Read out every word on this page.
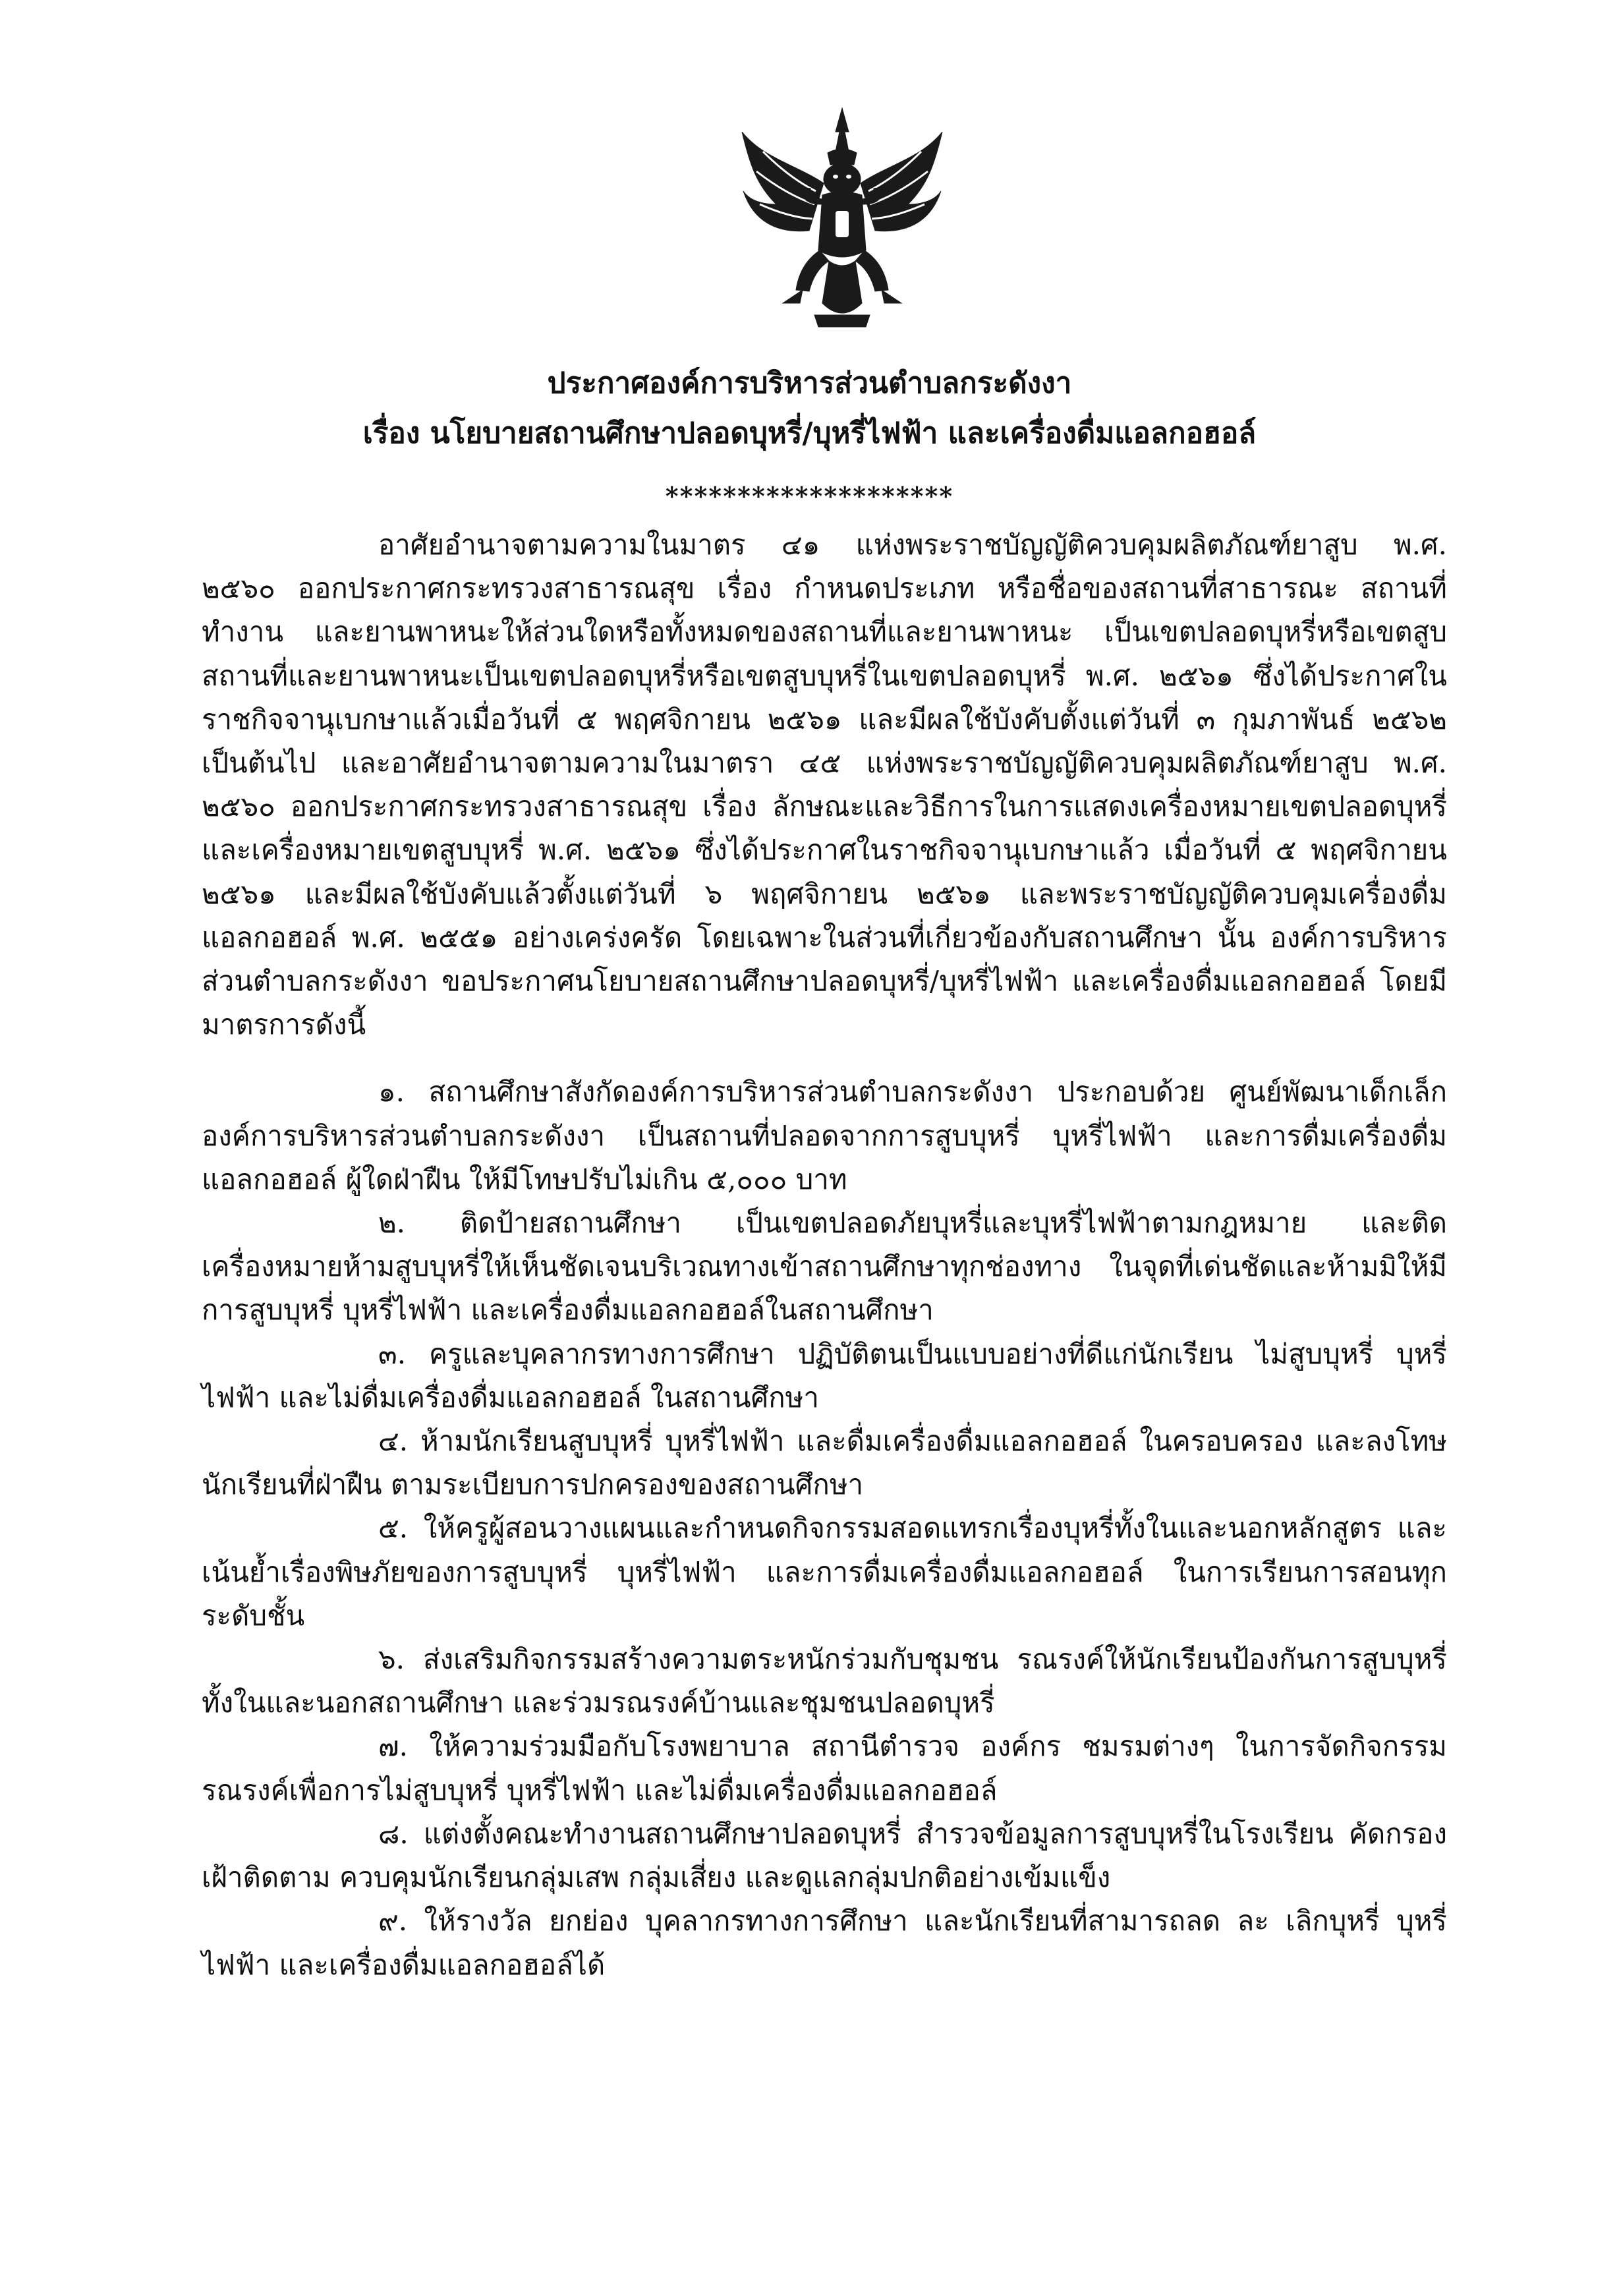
ประกาศองค์การบริหารส่วนตำบลกระดังงา
เรื่อง นโยบายสถานศึกษาปลอดบุหรี่/บุหรี่ไฟฟ้า และเครื่องดื่มแอลกอฮอล์
********************

อาศัยอำนาจตามความในมาตร ๔๑ แห่งพระราชบัญญัติควบคุมผลิตภัณฑ์ยาสูบ พ.ศ. ๒๕๖๐ ออกประกาศกระทรวงสาธารณสุข เรื่อง กำหนดประเภท หรือชื่อของสถานที่สาธารณะ สถานที่ทำงาน และยานพาหนะให้ส่วนใดหรือทั้งหมดของสถานที่และยานพาหนะ เป็นเขตปลอดบุหรี่หรือเขตสูบสถานที่และยานพาหนะเป็นเขตปลอดบุหรี่หรือเขตสูบบุหรี่ในเขตปลอดบุหรี่ พ.ศ. ๒๕๖๑ ซึ่งได้ประกาศในราชกิจจานุเบกษาแล้วเมื่อวันที่ ๕ พฤศจิกายน ๒๕๖๑ และมีผลใช้บังคับตั้งแต่วันที่ ๓ กุมภาพันธ์ ๒๕๖๒ เป็นต้นไป และอาศัยอำนาจตามความในมาตรา ๔๕ แห่งพระราชบัญญัติควบคุมผลิตภัณฑ์ยาสูบ พ.ศ. ๒๕๖๐ ออกประกาศกระทรวงสาธารณสุข เรื่อง ลักษณะและวิธีการในการแสดงเครื่องหมายเขตปลอดบุหรี่และเครื่องหมายเขตสูบบุหรี่ พ.ศ. ๒๕๖๑ ซึ่งได้ประกาศในราชกิจจานุเบกษาแล้ว เมื่อวันที่ ๕ พฤศจิกายน ๒๕๖๑ และมีผลใช้บังคับแล้วตั้งแต่วันที่ ๖ พฤศจิกายน ๒๕๖๑ และพระราชบัญญัติควบคุมเครื่องดื่มแอลกอฮอล์ พ.ศ. ๒๕๕๑ อย่างเคร่งครัด โดยเฉพาะในส่วนที่เกี่ยวข้องกับสถานศึกษา นั้น องค์การบริหารส่วนตำบลกระดังงา ขอประกาศนโยบายสถานศึกษาปลอดบุหรี่/บุหรี่ไฟฟ้า และเครื่องดื่มแอลกอฮอล์ โดยมีมาตรการดังนี้

๑. สถานศึกษาสังกัดองค์การบริหารส่วนตำบลกระดังงา ประกอบด้วย ศูนย์พัฒนาเด็กเล็กองค์การบริหารส่วนตำบลกระดังงา เป็นสถานที่ปลอดจากการสูบบุหรี่ บุหรี่ไฟฟ้า และการดื่มเครื่องดื่มแอลกอฮอล์ ผู้ใดฝ่าฝืน ให้มีโทษปรับไม่เกิน ๕,๐๐๐ บาท

๒. ติดป้ายสถานศึกษา เป็นเขตปลอดภัยบุหรี่และบุหรี่ไฟฟ้าตามกฎหมาย และติดเครื่องหมายห้ามสูบบุหรี่ให้เห็นชัดเจนบริเวณทางเข้าสถานศึกษาทุกช่องทาง ในจุดที่เด่นชัดและห้ามมิให้มีการสูบบุหรี่ บุหรี่ไฟฟ้า และเครื่องดื่มแอลกอฮอล์ในสถานศึกษา

๓. ครูและบุคลากรทางการศึกษา ปฏิบัติตนเป็นแบบอย่างที่ดีแก่นักเรียน ไม่สูบบุหรี่ บุหรี่ไฟฟ้า และไม่ดื่มเครื่องดื่มแอลกอฮอล์ ในสถานศึกษา

๔. ห้ามนักเรียนสูบบุหรี่ บุหรี่ไฟฟ้า และดื่มเครื่องดื่มแอลกอฮอล์ ในครอบครอง และลงโทษนักเรียนที่ฝ่าฝืน ตามระเบียบการปกครองของสถานศึกษา

๕. ให้ครูผู้สอนวางแผนและกำหนดกิจกรรมสอดแทรกเรื่องบุหรี่ทั้งในและนอกหลักสูตร และเน้นย้ำเรื่องพิษภัยของการสูบบุหรี่ บุหรี่ไฟฟ้า และการดื่มเครื่องดื่มแอลกอฮอล์ ในการเรียนการสอนทุกระดับชั้น

๖. ส่งเสริมกิจกรรมสร้างความตระหนักร่วมกับชุมชน รณรงค์ให้นักเรียนป้องกันการสูบบุหรี่ทั้งในและนอกสถานศึกษา และร่วมรณรงค์บ้านและชุมชนปลอดบุหรี่

๗. ให้ความร่วมมือกับโรงพยาบาล สถานีตำรวจ องค์กร ชมรมต่างๆ ในการจัดกิจกรรมรณรงค์เพื่อการไม่สูบบุหรี่ บุหรี่ไฟฟ้า และไม่ดื่มเครื่องดื่มแอลกอฮอล์

๘. แต่งตั้งคณะทำงานสถานศึกษาปลอดบุหรี่ สำรวจข้อมูลการสูบบุหรี่ในโรงเรียน คัดกรองเฝ้าติดตาม ควบคุมนักเรียนกลุ่มเสพ กลุ่มเสี่ยง และดูแลกลุ่มปกติอย่างเข้มแข็ง

๙. ให้รางวัล ยกย่อง บุคลากรทางการศึกษา และนักเรียนที่สามารถลด ละ เลิกบุหรี่ บุหรี่ไฟฟ้า และเครื่องดื่มแอลกอฮอล์ได้
